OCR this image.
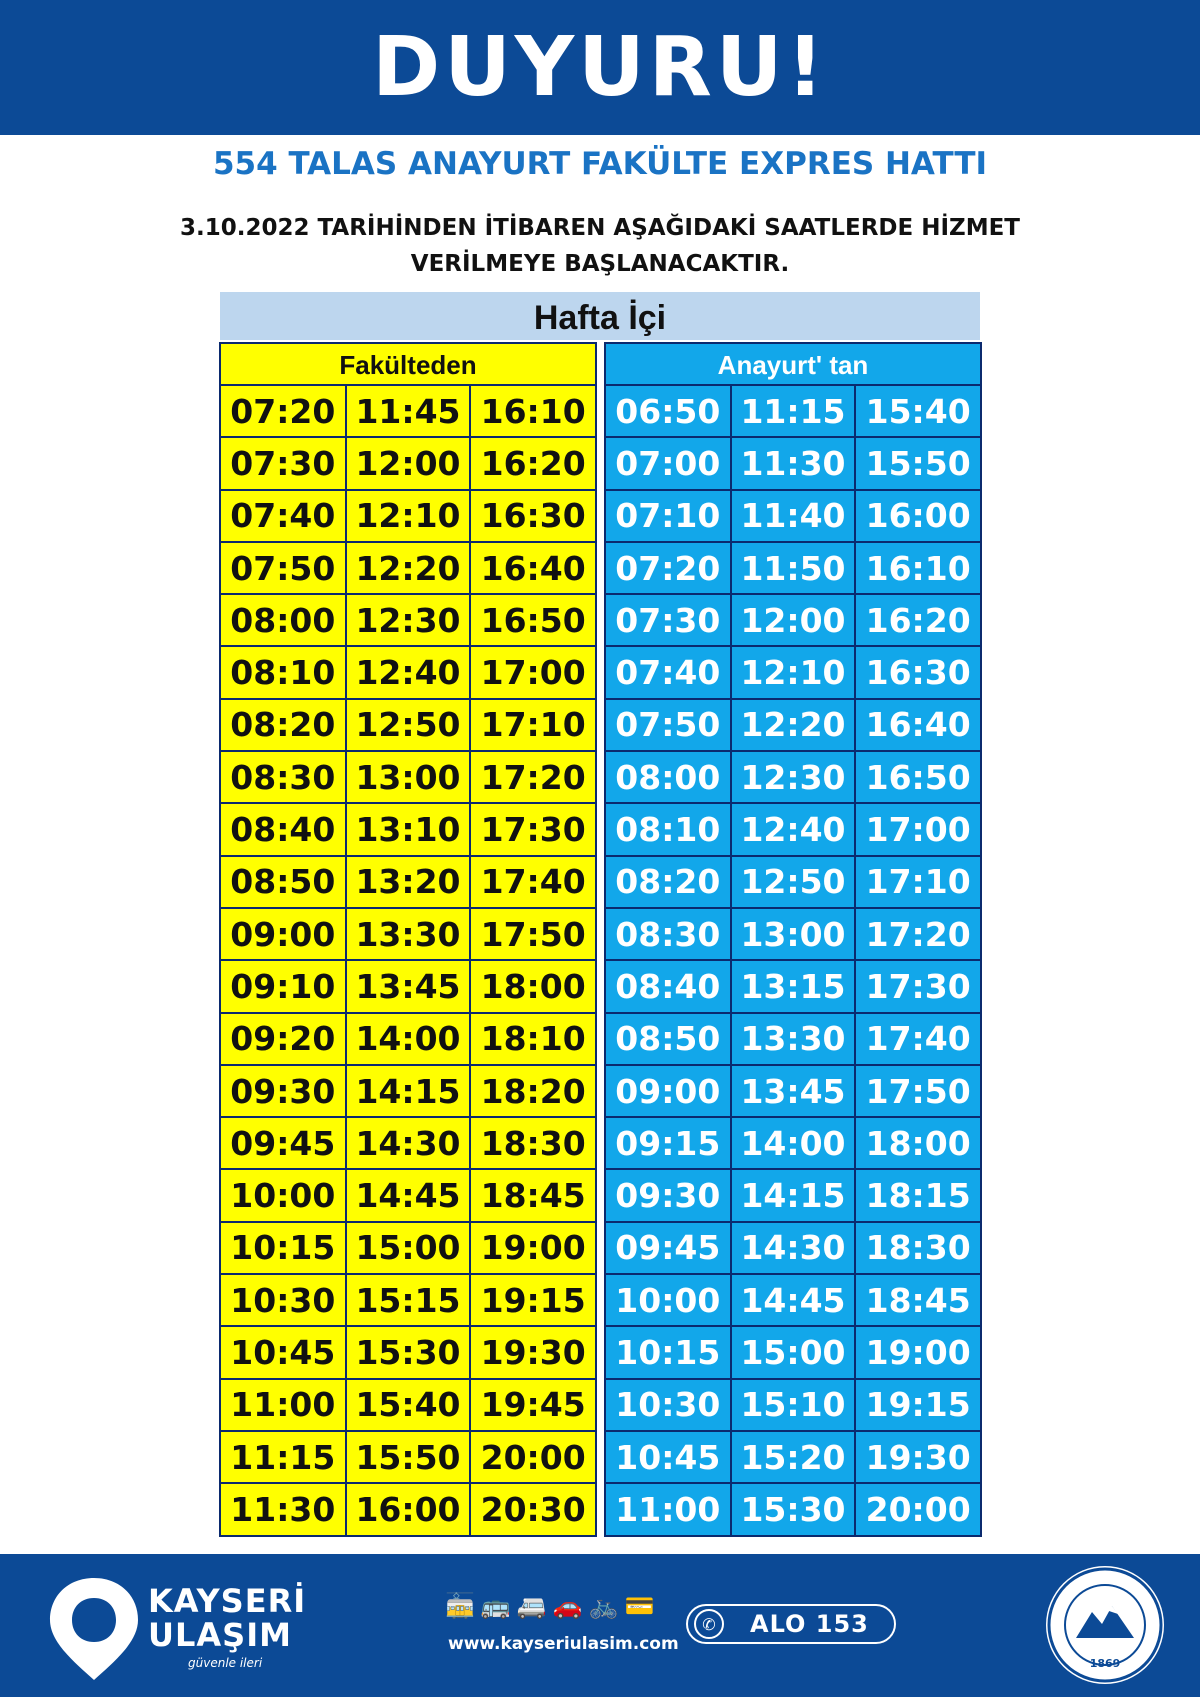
DUYURU!
554 TALAS ANAYURT FAKÜLTE EXPRES HATTI
3.10.2022 TARİHİNDEN İTİBAREN AŞAĞIDAKİ SAATLERDE HİZMET
VERİLMEYE BAŞLANACAKTIR.
Hafta İçi
Fakülteden
07:20	11:45	16:10
07:30	12:00	16:20
07:40	12:10	16:30
07:50	12:20	16:40
08:00	12:30	16:50
08:10	12:40	17:00
08:20	12:50	17:10
08:30	13:00	17:20
08:40	13:10	17:30
08:50	13:20	17:40
09:00	13:30	17:50
09:10	13:45	18:00
09:20	14:00	18:10
09:30	14:15	18:20
09:45	14:30	18:30
10:00	14:45	18:45
10:15	15:00	19:00
10:30	15:15	19:15
10:45	15:30	19:30
11:00	15:40	19:45
11:15	15:50	20:00
11:30	16:00	20:30
Anayurt' tan
06:50	11:15	15:40
07:00	11:30	15:50
07:10	11:40	16:00
07:20	11:50	16:10
07:30	12:00	16:20
07:40	12:10	16:30
07:50	12:20	16:40
08:00	12:30	16:50
08:10	12:40	17:00
08:20	12:50	17:10
08:30	13:00	17:20
08:40	13:15	17:30
08:50	13:30	17:40
09:00	13:45	17:50
09:15	14:00	18:00
09:30	14:15	18:15
09:45	14:30	18:30
10:00	14:45	18:45
10:15	15:00	19:00
10:30	15:10	19:15
10:45	15:20	19:30
11:00	15:30	20:00
KAYSERİ
ULAŞIM
güvenle ileri
🚋 🚌 🚐 🚗 🚲 💳
www.kayseriulasim.com
✆	ALO 153
1869
